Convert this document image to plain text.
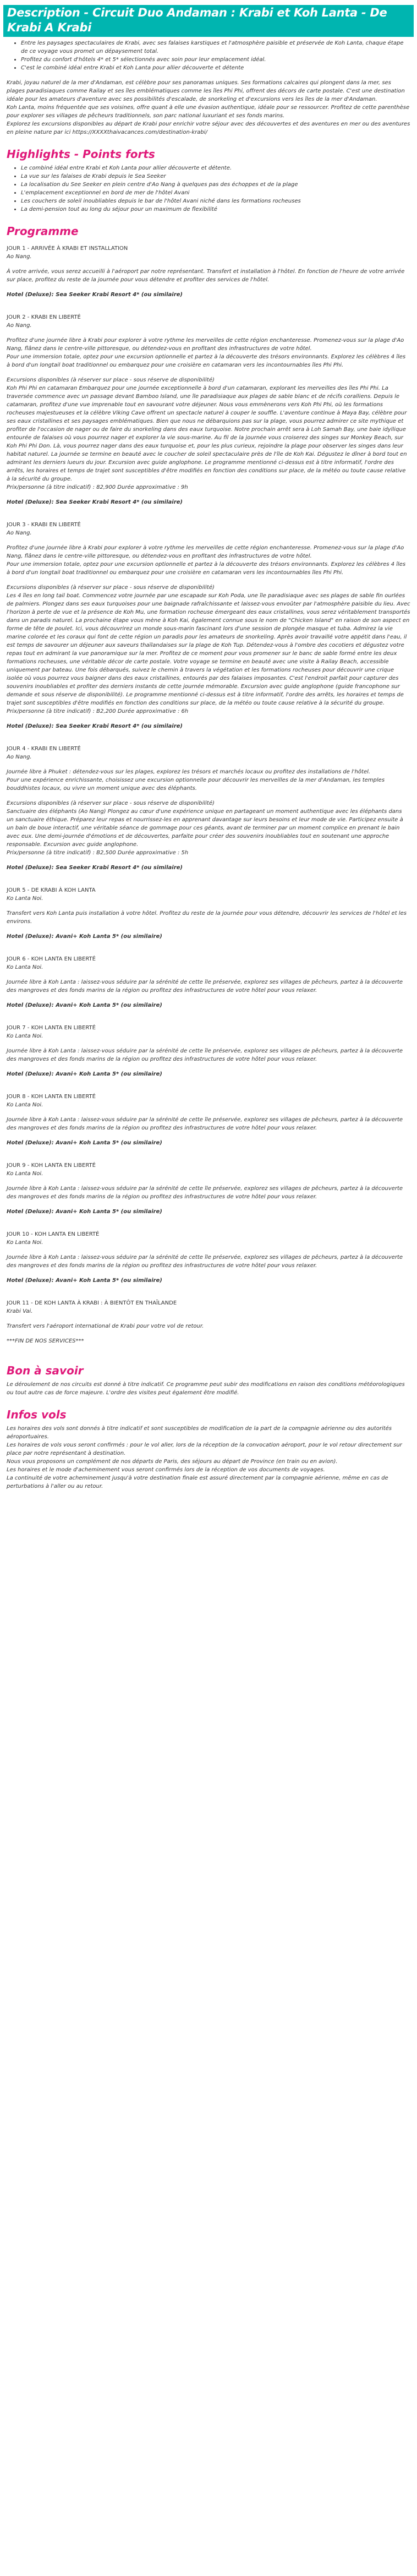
Description - Circuit Duo Andaman : Krabi et Koh Lanta - De Krabi A Krabi
• Entre les paysages spectaculaires de Krabi, avec ses falaises karstiques et l'atmosphère paisible et préservée de Koh Lanta, chaque étape de ce voyage vous promet un dépaysement total.
• Profitez du confort d'hôtels 4* et 5* sélectionnés avec soin pour leur emplacement idéal.
• C'est le combiné idéal entre Krabi et Koh Lanta pour allier découverte et détente
Krabi, joyau naturel de la mer d'Andaman, est célèbre pour ses panoramas uniques. Ses formations calcaires qui plongent dans la mer, ses plages paradisiaques comme Railay et ses îles emblématiques comme les îles Phi Phi, offrent des décors de carte postale. C'est une destination idéale pour les amateurs d'aventure avec ses possibilités d'escalade, de snorkeling et d'excursions vers les îles de la mer d'Andaman.
Koh Lanta, moins fréquentée que ses voisines, offre quant à elle une évasion authentique, idéale pour se ressourcer. Profitez de cette parenthèse pour explorer ses villages de pêcheurs traditionnels, son parc national luxuriant et ses fonds marins.
Explorez les excursions disponibles au départ de Krabi pour enrichir votre séjour avec des découvertes et des aventures en mer ou des aventures en pleine nature par ici https://XXXXthaivacances.com/destination-krabi/
Highlights - Points forts
• Le combiné idéal entre Krabi et Koh Lanta pour allier découverte et détente.
• La vue sur les falaises de Krabi depuis le Sea Seeker
• La localisation du See Seeker en plein centre d'Ao Nang à quelques pas des échoppes et de la plage
• L'emplacement exceptionnel en bord de mer de l'hôtel Avani
• Les couchers de soleil inoubliables depuis le bar de l'hôtel Avani niché dans les formations rocheuses
• La demi-pension tout au long du séjour pour un maximum de flexibilité
Programme
JOUR 1 - ARRIVÉE À KRABI ET INSTALLATION
Ao Nang.
À votre arrivée, vous serez accueilli à l'aéroport par notre représentant. Transfert et installation à l'hôtel. En fonction de l'heure de votre arrivée sur place, profitez du reste de la journée pour vous détendre et profiter des services de l'hôtel.
Hotel (Deluxe): Sea Seeker Krabi Resort 4* (ou similaire)
JOUR 2 - KRABI EN LIBERTÉ
Ao Nang.
Profitez d'une journée libre à Krabi pour explorer à votre rythme les merveilles de cette région enchanteresse. Promenez-vous sur la plage d'Ao Nang, flânez dans le centre-ville pittoresque, ou détendez-vous en profitant des infrastructures de votre hôtel.
Pour une immersion totale, optez pour une excursion optionnelle et partez à la découverte des trésors environnants. Explorez les célèbres 4 îles à bord d'un longtail boat traditionnel ou embarquez pour une croisière en catamaran vers les incontournables îles Phi Phi.
Excursions disponibles (à réserver sur place - sous réserve de disponibilité)
Koh Phi Phi en catamaran Embarquez pour une journée exceptionnelle à bord d'un catamaran, explorant les merveilles des îles Phi Phi. La traversée commence avec un passage devant Bamboo Island, une île paradisiaque aux plages de sable blanc et de récifs coralliens. Depuis le catamaran, profitez d'une vue imprenable tout en savourant votre déjeuner. Nous vous emmènerons vers Koh Phi Phi, où les formations rocheuses majestueuses et la célèbre Viking Cave offrent un spectacle naturel à couper le souffle. L'aventure continue à Maya Bay, célèbre pour ses eaux cristallines et ses paysages emblématiques. Bien que nous ne débarquions pas sur la plage, vous pourrez admirer ce site mythique et profiter de l'occasion de nager ou de faire du snorkeling dans des eaux turquoise. Notre prochain arrêt sera à Loh Samah Bay, une baie idyllique entourée de falaises où vous pourrez nager et explorer la vie sous-marine. Au fil de la journée vous croiserez des singes sur Monkey Beach, sur Koh Phi Phi Don. Là, vous pourrez nager dans des eaux turquoise et, pour les plus curieux, rejoindre la plage pour observer les singes dans leur habitat naturel. La journée se termine en beauté avec le coucher de soleil spectaculaire près de l'île de Koh Kai. Dégustez le dîner à bord tout en admirant les derniers lueurs du jour. Excursion avec guide anglophone. Le programme mentionné ci-dessus est à titre informatif, l'ordre des arrêts, les horaires et temps de trajet sont susceptibles d'être modifiés en fonction des conditions sur place, de la météo ou toute cause relative à la sécurité du groupe.
Prix/personne (à titre indicatif) : 82,900 Durée approximative : 9h
Hotel (Deluxe): Sea Seeker Krabi Resort 4* (ou similaire)
JOUR 3 - KRABI EN LIBERTÉ
Ao Nang.
Profitez d'une journée libre à Krabi pour explorer à votre rythme les merveilles de cette région enchanteresse. Promenez-vous sur la plage d'Ao Nang, flânez dans le centre-ville pittoresque, ou détendez-vous en profitant des infrastructures de votre hôtel.
Pour une immersion totale, optez pour une excursion optionnelle et partez à la découverte des trésors environnants. Explorez les célèbres 4 îles à bord d'un longtail boat traditionnel ou embarquez pour une croisière en catamaran vers les incontournables îles Phi Phi.
Excursions disponibles (à réserver sur place - sous réserve de disponibilité)
Les 4 îles en long tail boat. Commencez votre journée par une escapade sur Koh Poda, une île paradisiaque avec ses plages de sable fin ourlées de palmiers. Plongez dans ses eaux turquoises pour une baignade rafraîchissante et laissez-vous envoûter par l'atmosphère paisible du lieu. Avec l'horizon à perte de vue et la présence de Koh Mu, une formation rocheuse émergeant des eaux cristallines, vous serez véritablement transportés dans un paradis naturel. La prochaine étape vous mène à Koh Kai, également connue sous le nom de "Chicken Island" en raison de son aspect en forme de tête de poulet. Ici, vous découvrirez un monde sous-marin fascinant lors d'une session de plongée masque et tuba. Admirez la vie marine colorée et les coraux qui font de cette région un paradis pour les amateurs de snorkeling. Après avoir travaillé votre appétit dans l'eau, il est temps de savourer un déjeuner aux saveurs thaïlandaises sur la plage de Koh Tup. Détendez-vous à l'ombre des cocotiers et dégustez votre repas tout en admirant la vue panoramique sur la mer. Profitez de ce moment pour vous promener sur le banc de sable formé entre les deux formations rocheuses, une véritable décor de carte postale. Votre voyage se termine en beauté avec une visite à Railay Beach, accessible uniquement par bateau. Une fois débarqués, suivez le chemin à travers la végétation et les formations rocheuses pour découvrir une crique isolée où vous pourrez vous baigner dans des eaux cristallines, entourés par des falaises imposantes. C'est l'endroit parfait pour capturer des souvenirs inoubliables et profiter des derniers instants de cette journée mémorable. Excursion avec guide anglophone (guide francophone sur demande et sous réserve de disponibilité). Le programme mentionné ci-dessus est à titre informatif, l'ordre des arrêts, les horaires et temps de trajet sont susceptibles d'être modifiés en fonction des conditions sur place, de la météo ou toute cause relative à la sécurité du groupe.
Prix/personne (à titre indicatif) : B2,200 Durée approximative : 6h
Hotel (Deluxe): Sea Seeker Krabi Resort 4* (ou similaire)
JOUR 4 - KRABI EN LIBERTÉ
Ao Nang.
Journée libre à Phuket : détendez-vous sur les plages, explorez les trésors et marchés locaux ou profitez des installations de l'hôtel.
Pour une expérience enrichissante, choisissez une excursion optionnelle pour découvrir les merveilles de la mer d'Andaman, les temples bouddhistes locaux, ou vivre un moment unique avec des éléphants.
Excursions disponibles (à réserver sur place - sous réserve de disponibilité)
Sanctuaire des éléphants (Ao Nang) Plongez au cœur d'une expérience unique en partageant un moment authentique avec les éléphants dans un sanctuaire éthique. Préparez leur repas et nourrissez-les en apprenant davantage sur leurs besoins et leur mode de vie. Participez ensuite à un bain de boue interactif, une véritable séance de gommage pour ces géants, avant de terminer par un moment complice en prenant le bain avec eux. Une demi-journée d'émotions et de découvertes, parfaite pour créer des souvenirs inoubliables tout en soutenant une approche responsable. Excursion avec guide anglophone.
Prix/personne (à titre indicatif) : B2,500 Durée approximative : 5h
Hotel (Deluxe): Sea Seeker Krabi Resort 4* (ou similaire)
JOUR 5 - DE KRABI À KOH LANTA
Ko Lanta Noi.
Transfert vers Koh Lanta puis installation à votre hôtel. Profitez du reste de la journée pour vous détendre, découvrir les services de l'hôtel et les environs.
Hotel (Deluxe): Avani+ Koh Lanta 5* (ou similaire)
JOUR 6 - KOH LANTA EN LIBERTÉ
Ko Lanta Noi.
Journée libre à Koh Lanta : laissez-vous séduire par la sérénité de cette île préservée, explorez ses villages de pêcheurs, partez à la découverte des mangroves et des fonds marins de la région ou profitez des infrastructures de votre hôtel pour vous relaxer.
Hotel (Deluxe): Avani+ Koh Lanta 5* (ou similaire)
JOUR 7 - KOH LANTA EN LIBERTÉ
Ko Lanta Noi.
Journée libre à Koh Lanta : laissez-vous séduire par la sérénité de cette île préservée, explorez ses villages de pêcheurs, partez à la découverte des mangroves et des fonds marins de la région ou profitez des infrastructures de votre hôtel pour vous relaxer.
Hotel (Deluxe): Avani+ Koh Lanta 5* (ou similaire)
JOUR 8 - KOH LANTA EN LIBERTÉ
Ko Lanta Noi.
Journée libre à Koh Lanta : laissez-vous séduire par la sérénité de cette île préservée, explorez ses villages de pêcheurs, partez à la découverte des mangroves et des fonds marins de la région ou profitez des infrastructures de votre hôtel pour vous relaxer.
Hotel (Deluxe): Avani+ Koh Lanta 5* (ou similaire)
JOUR 9 - KOH LANTA EN LIBERTÉ
Ko Lanta Noi.
Journée libre à Koh Lanta : laissez-vous séduire par la sérénité de cette île préservée, explorez ses villages de pêcheurs, partez à la découverte des mangroves et des fonds marins de la région ou profitez des infrastructures de votre hôtel pour vous relaxer.
Hotel (Deluxe): Avani+ Koh Lanta 5* (ou similaire)
JOUR 10 - KOH LANTA EN LIBERTÉ
Ko Lanta Noi.
Journée libre à Koh Lanta : laissez-vous séduire par la sérénité de cette île préservée, explorez ses villages de pêcheurs, partez à la découverte des mangroves et des fonds marins de la région ou profitez des infrastructures de votre hôtel pour vous relaxer.
Hotel (Deluxe): Avani+ Koh Lanta 5* (ou similaire)
JOUR 11 - DE KOH LANTA À KRABI : À BIENTÔT EN THAÏLANDE
Krabi Vai.
Transfert vers l'aéroport international de Krabi pour votre vol de retour.
***FIN DE NOS SERVICES***
Bon à savoir
Le déroulement de nos circuits est donné à titre indicatif. Ce programme peut subir des modifications en raison des conditions météorologiques ou tout autre cas de force majeure. L'ordre des visites peut également être modifié.
Infos vols
Les horaires des vols sont donnés à titre indicatif et sont susceptibles de modification de la part de la compagnie aérienne ou des autorités aéroportuaires.
Les horaires de vols vous seront confirmés : pour le vol aller, lors de la réception de la convocation aéroport, pour le vol retour directement sur place par notre représentant à destination.
Nous vous proposons un complément de nos départs de Paris, des séjours au départ de Province (en train ou en avion).
Les horaires et le mode d'acheminement vous seront confirmés lors de la réception de vos documents de voyages.
La continuité de votre acheminement jusqu'à votre destination finale est assuré directement par la compagnie aérienne, même en cas de perturbations à l'aller ou au retour.
